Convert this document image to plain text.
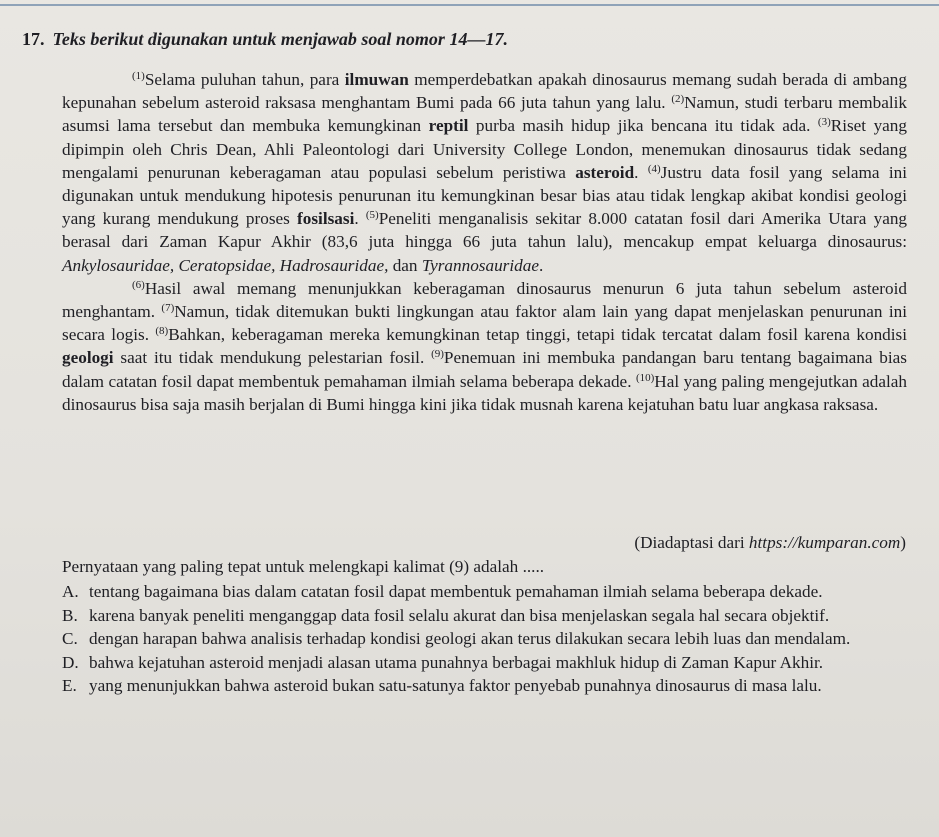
17. Teks berikut digunakan untuk menjawab soal nomor 14—17.

$^{(1)}$Selama puluhan tahun, para ilmuwan memperdebatkan apakah dinosaurus memang sudah berada di ambang kepunahan sebelum asteroid raksasa menghantam Bumi pada 66 juta tahun yang lalu. $^{(2)}$Namun, studi terbaru membalik asumsi lama tersebut dan membuka kemungkinan reptil purba masih hidup jika bencana itu tidak ada. $^{(3)}$Riset yang dipimpin oleh Chris Dean, Ahli Paleontologi dari University College London, menemukan dinosaurus tidak sedang mengalami penurunan keberagaman atau populasi sebelum peristiwa asteroid. $^{(4)}$Justru data fosil yang selama ini digunakan untuk mendukung hipotesis penurunan itu kemungkinan besar bias atau tidak lengkap akibat kondisi geologi yang kurang mendukung proses fosilsasi. $^{(5)}$Peneliti menganalisis sekitar 8.000 catatan fosil dari Amerika Utara yang berasal dari Zaman Kapur Akhir (83,6 juta hingga 66 juta tahun lalu), mencakup empat keluarga dinosaurus: Ankylosauridae, Ceratopsidae, Hadrosauridae, dan Tyrannosauridae.

$^{(6)}$Hasil awal memang menunjukkan keberagaman dinosaurus menurun 6 juta tahun sebelum asteroid menghantam. $^{(7)}$Namun, tidak ditemukan bukti lingkungan atau faktor alam lain yang dapat menjelaskan penurunan ini secara logis. $^{(8)}$Bahkan, keberagaman mereka kemungkinan tetap tinggi, tetapi tidak tercatat dalam fosil karena kondisi geologi saat itu tidak mendukung pelestarian fosil. $^{(9)}$Penemuan ini membuka pandangan baru tentang bagaimana bias dalam catatan fosil dapat membentuk pemahaman ilmiah selama beberapa dekade. $^{(10)}$Hal yang paling mengejutkan adalah dinosaurus bisa saja masih berjalan di Bumi hingga kini jika tidak musnah karena kejatuhan batu luar angkasa raksasa.

(Diadaptasi dari https://kumparan.com)
Pernyataan yang paling tepat untuk melengkapi kalimat (9) adalah .....
A. tentang bagaimana bias dalam catatan fosil dapat membentuk pemahaman ilmiah selama beberapa dekade.
B. karena banyak peneliti menganggap data fosil selalu akurat dan bisa menjelaskan segala hal secara objektif.
C. dengan harapan bahwa analisis terhadap kondisi geologi akan terus dilakukan secara lebih luas dan mendalam.
D. bahwa kejatuhan asteroid menjadi alasan utama punahnya berbagai makhluk hidup di Zaman Kapur Akhir.
E. yang menunjukkan bahwa asteroid bukan satu-satunya faktor penyebab punahnya dinosaurus di masa lalu.
